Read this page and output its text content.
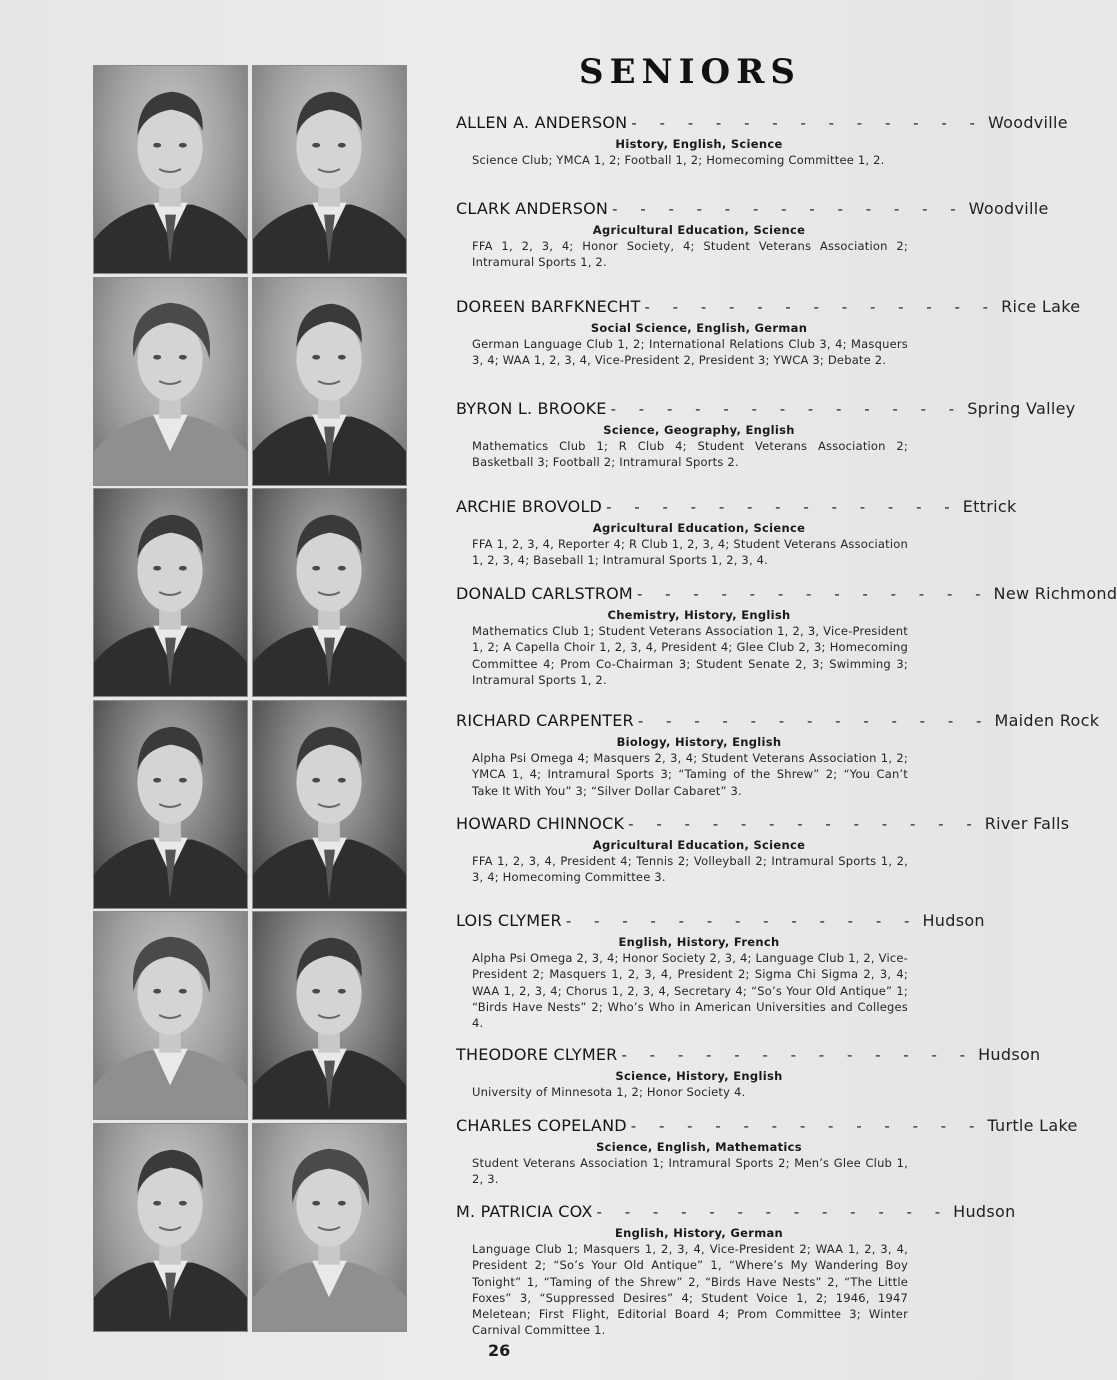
SENIORS
ALLEN A. ANDERSON - - - - - - - - - - - - - Woodville
History, English, Science
Science Club; YMCA 1, 2; Football 1, 2; Homecoming Committee 1, 2.
CLARK ANDERSON - - - - - - - - - - - - - Woodville
Agricultural Education, Science
FFA 1, 2, 3, 4; Honor Society, 4; Student Veterans Association 2; Intramural Sports 1, 2.
DOREEN BARFKNECHT - - - - - - - - - - - - - Rice Lake
Social Science, English, German
German Language Club 1, 2; International Relations Club 3, 4; Masquers 3, 4; WAA 1, 2, 3, 4, Vice-President 2, President 3; YWCA 3; Debate 2.
BYRON L. BROOKE - - - - - - - - - - - - - Spring Valley
Science, Geography, English
Mathematics Club 1; R Club 4; Student Veterans Association 2; Basketball 3; Football 2; Intramural Sports 2.
ARCHIE BROVOLD - - - - - - - - - - - - - Ettrick
Agricultural Education, Science
FFA 1, 2, 3, 4, Reporter 4; R Club 1, 2, 3, 4; Student Veterans Association 1, 2, 3, 4; Baseball 1; Intramural Sports 1, 2, 3, 4.
DONALD CARLSTROM - - - - - - - - - - - - - New Richmond
Chemistry, History, English
Mathematics Club 1; Student Veterans Association 1, 2, 3, Vice-President 1, 2; A Capella Choir 1, 2, 3, 4, President 4; Glee Club 2, 3; Homecoming Committee 4; Prom Co-Chairman 3; Student Senate 2, 3; Swimming 3; Intramural Sports 1, 2.
RICHARD CARPENTER - - - - - - - - - - - - - Maiden Rock
Biology, History, English
Alpha Psi Omega 4; Masquers 2, 3, 4; Student Veterans Association 1, 2; YMCA 1, 4; Intramural Sports 3; “Taming of the Shrew” 2; “You Can’t Take It With You” 3; “Silver Dollar Cabaret” 3.
HOWARD CHINNOCK - - - - - - - - - - - - - River Falls
Agricultural Education, Science
FFA 1, 2, 3, 4, President 4; Tennis 2; Volleyball 2; Intramural Sports 1, 2, 3, 4; Homecoming Committee 3.
LOIS CLYMER - - - - - - - - - - - - - Hudson
English, History, French
Alpha Psi Omega 2, 3, 4; Honor Society 2, 3, 4; Language Club 1, 2, Vice-President 2; Masquers 1, 2, 3, 4, President 2; Sigma Chi Sigma 2, 3, 4; WAA 1, 2, 3, 4; Chorus 1, 2, 3, 4, Secretary 4; “So’s Your Old Antique” 1; “Birds Have Nests” 2; Who’s Who in American Universities and Colleges 4.
THEODORE CLYMER - - - - - - - - - - - - - Hudson
Science, History, English
University of Minnesota 1, 2; Honor Society 4.
CHARLES COPELAND - - - - - - - - - - - - - Turtle Lake
Science, English, Mathematics
Student Veterans Association 1; Intramural Sports 2; Men’s Glee Club 1, 2, 3.
M. PATRICIA COX - - - - - - - - - - - - - Hudson
English, History, German
Language Club 1; Masquers 1, 2, 3, 4, Vice-President 2; WAA 1, 2, 3, 4, President 2; “So’s Your Old Antique” 1, “Where’s My Wandering Boy Tonight” 1, “Taming of the Shrew” 2, “Birds Have Nests” 2, “The Little Foxes” 3, “Suppressed Desires” 4; Student Voice 1, 2; 1946, 1947 Meletean; First Flight, Editorial Board 4; Prom Committee 3; Winter Carnival Committee 1.
26
